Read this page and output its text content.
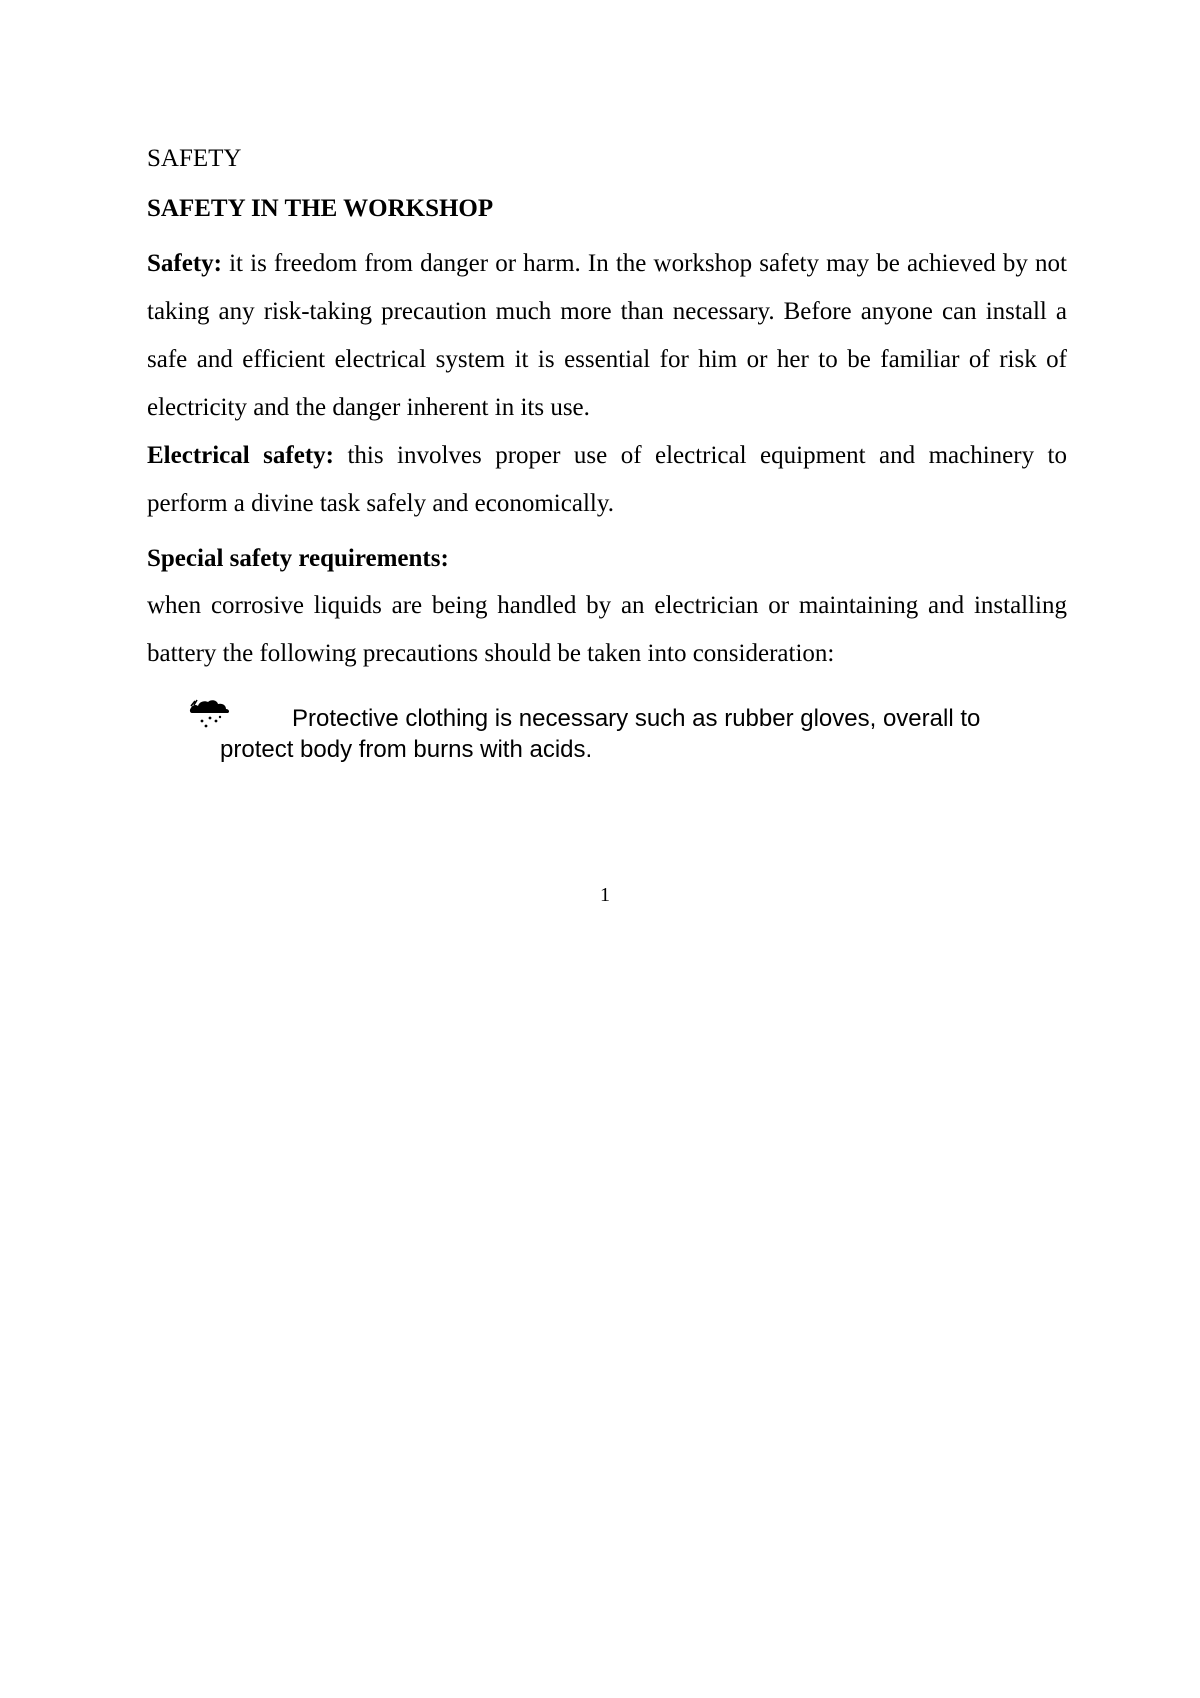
SAFETY

SAFETY IN THE WORKSHOP

Safety: it is freedom from danger or harm. In the workshop safety may be achieved by not taking any risk-taking precaution much more than necessary. Before anyone can install a safe and efficient electrical system it is essential for him or her to be familiar of risk of electricity and the danger inherent in its use.

Electrical safety: this involves proper use of electrical equipment and machinery to perform a divine task safely and economically.

Special safety requirements:

when corrosive liquids are being handled by an electrician or maintaining and installing battery the following precautions should be taken into consideration:

Protective clothing is necessary such as rubber gloves, overall to
protect body from burns with acids.
1
